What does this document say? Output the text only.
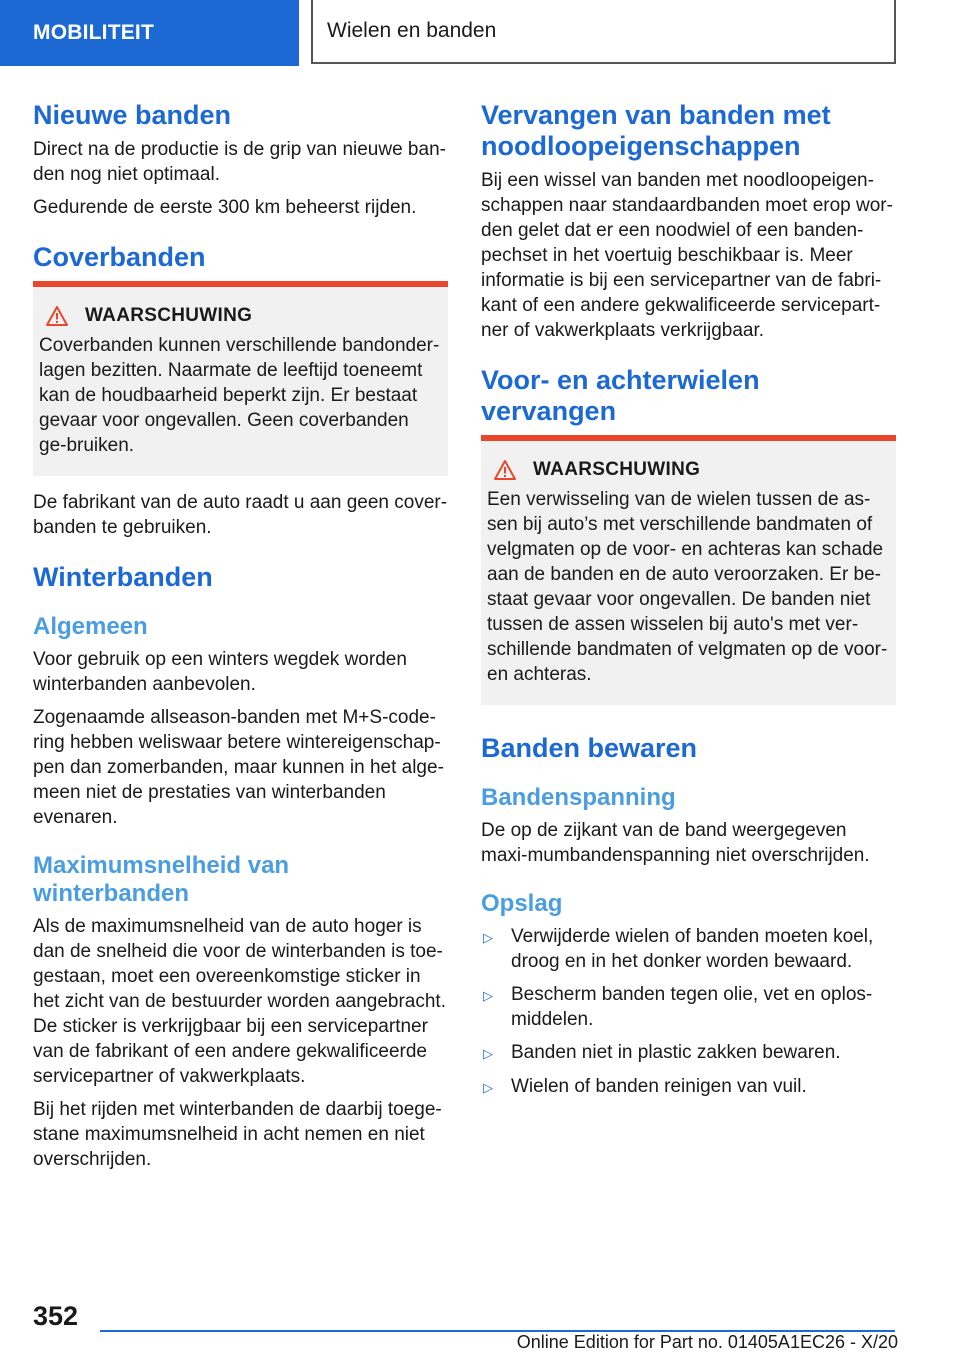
MOBILITEIT	Wielen en banden
Nieuwe banden

Direct na de productie is de grip van nieuwe ban-den nog niet optimaal.

Gedurende de eerste 300 km beheerst rijden.

Coverbanden
WAARSCHUWING

Coverbanden kunnen verschillende bandonder-lagen bezitten. Naarmate de leeftijd toeneemt kan de houdbaarheid beperkt zijn. Er bestaat gevaar voor ongevallen. Geen coverbanden ge-bruiken.

De fabrikant van de auto raadt u aan geen cover-banden te gebruiken.

Winterbanden
Algemeen

Voor gebruik op een winters wegdek worden winterbanden aanbevolen.

Zogenaamde allseason-banden met M+S-code-ring hebben weliswaar betere wintereigenschap-pen dan zomerbanden, maar kunnen in het alge-meen niet de prestaties van winterbanden evenaren.

Maximumsnelheid van winterbanden

Als de maximumsnelheid van de auto hoger is dan de snelheid die voor de winterbanden is toe-gestaan, moet een overeenkomstige sticker in het zicht van de bestuurder worden aangebracht. De sticker is verkrijgbaar bij een servicepartner van de fabrikant of een andere gekwalificeerde servicepartner of vakwerkplaats.

Bij het rijden met winterbanden de daarbij toege-stane maximumsnelheid in acht nemen en niet overschrijden.

Vervangen van banden met noodloopeigenschappen

Bij een wissel van banden met noodloopeigen-schappen naar standaardbanden moet erop wor-den gelet dat er een noodwiel of een banden-pechset in het voertuig beschikbaar is. Meer informatie is bij een servicepartner van de fabri-kant of een andere gekwalificeerde servicepart-ner of vakwerkplaats verkrijgbaar.

Voor- en achterwielen vervangen
WAARSCHUWING

Een verwisseling van de wielen tussen de as-sen bij auto’s met verschillende bandmaten of velgmaten op de voor- en achteras kan schade aan de banden en de auto veroorzaken. Er be-staat gevaar voor ongevallen. De banden niet tussen de assen wisselen bij auto's met ver-schillende bandmaten of velgmaten op de voor- en achteras.

Banden bewaren
Bandenspanning

De op de zijkant van de band weergegeven maxi-mumbandenspanning niet overschrijden.

Opslag
▷ Verwijderde wielen of banden moeten koel, droog en in het donker worden bewaard.
▷ Bescherm banden tegen olie, vet en oplos-middelen.
▷ Banden niet in plastic zakken bewaren.
▷ Wielen of banden reinigen van vuil.
352
Online Edition for Part no. 01405A1EC26 - X/20
